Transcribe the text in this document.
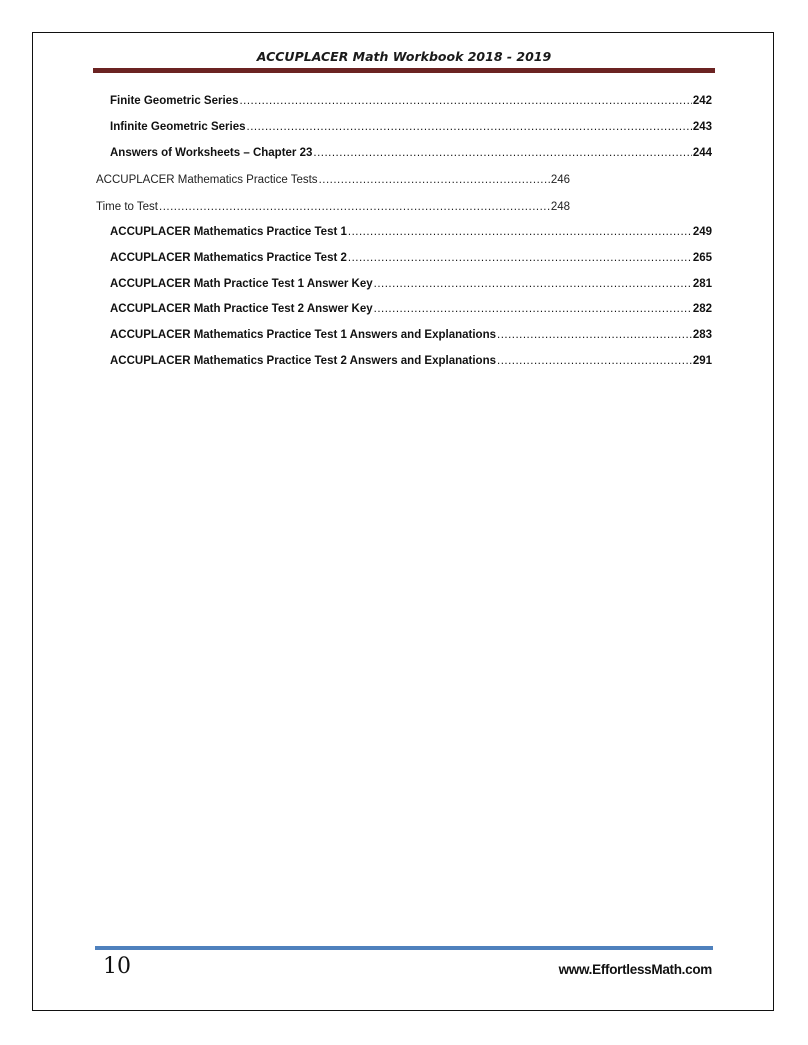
ACCUPLACER Math Workbook 2018 - 2019
Finite Geometric Series .....	242
Infinite Geometric Series .....	243
Answers of Worksheets – Chapter 23 .....	244
ACCUPLACER Mathematics Practice Tests .....	246
Time to Test .....	248
ACCUPLACER Mathematics Practice Test 1 .....	249
ACCUPLACER Mathematics Practice Test 2 .....	265
ACCUPLACER Math Practice Test 1 Answer Key .....	281
ACCUPLACER Math Practice Test 2 Answer Key .....	282
ACCUPLACER Mathematics Practice Test 1 Answers and Explanations .....	283
ACCUPLACER Mathematics Practice Test 2 Answers and Explanations .....	291
10	www.EffortlessMath.com
